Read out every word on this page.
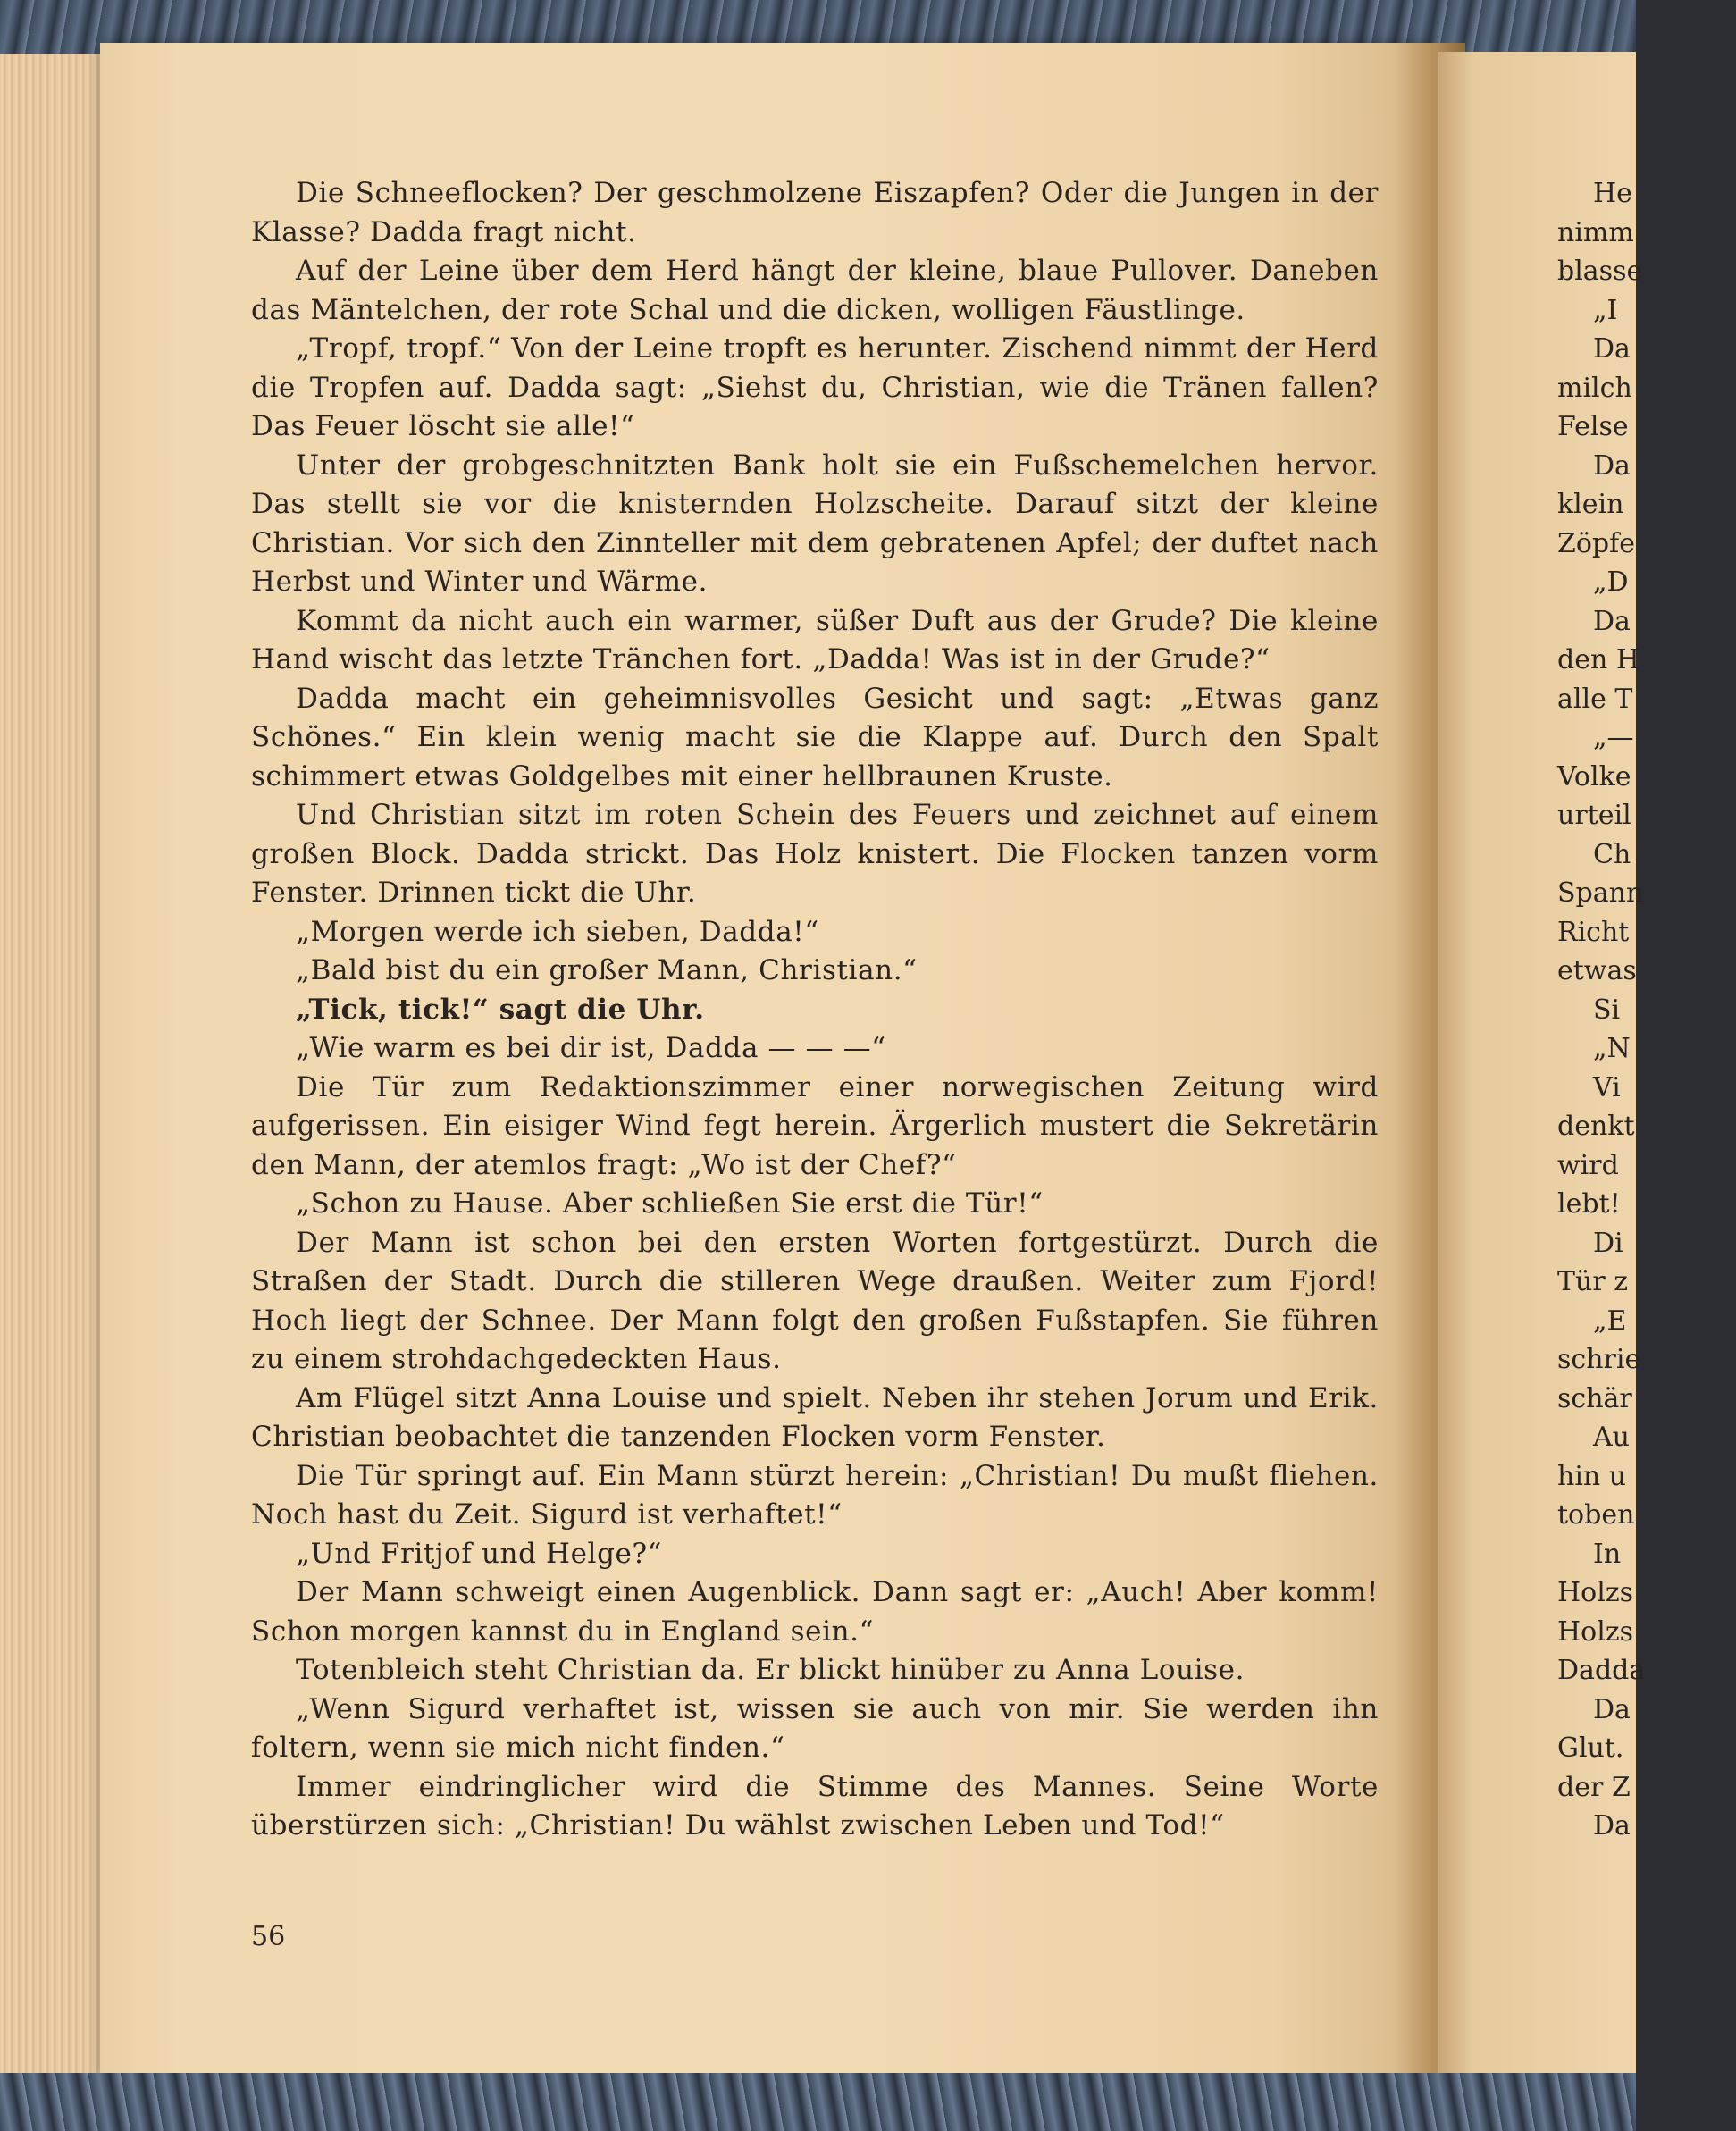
He
nimm
blasse
„I
Da
milch
Felse
Da
klein
Zöpfe
„D
Da
den H
alle T
„—
Volke
urteil
Ch
Spann
Richt
etwas
Si
„N
Vi
denkt
wird
lebt!
Di
Tür z
„E
schrie
schär
Au
hin u
toben
In
Holzs
Holzs
Dadda
Da
Glut.
der Z
Da

Die Schneeflocken? Der geschmolzene Eiszapfen? Oder die Jungen in der Klasse? Dadda fragt nicht.

Auf der Leine über dem Herd hängt der kleine, blaue Pullover. Daneben das Mäntelchen, der rote Schal und die dicken, wolligen Fäustlinge.

„Tropf, tropf.“ Von der Leine tropft es herunter. Zischend nimmt der Herd die Tropfen auf. Dadda sagt: „Siehst du, Christian, wie die Tränen fallen? Das Feuer löscht sie alle!“

Unter der grobgeschnitzten Bank holt sie ein Fußschemelchen hervor. Das stellt sie vor die knisternden Holzscheite. Darauf sitzt der kleine Christian. Vor sich den Zinnteller mit dem gebratenen Apfel; der duftet nach Herbst und Winter und Wärme.

Kommt da nicht auch ein warmer, süßer Duft aus der Grude? Die kleine Hand wischt das letzte Tränchen fort. „Dadda! Was ist in der Grude?“

Dadda macht ein geheimnisvolles Gesicht und sagt: „Etwas ganz Schönes.“ Ein klein wenig macht sie die Klappe auf. Durch den Spalt schimmert etwas Goldgelbes mit einer hellbraunen Kruste.

Und Christian sitzt im roten Schein des Feuers und zeichnet auf einem großen Block. Dadda strickt. Das Holz knistert. Die Flocken tanzen vorm Fenster. Drinnen tickt die Uhr.

„Morgen werde ich sieben, Dadda!“

„Bald bist du ein großer Mann, Christian.“

„Tick, tick!“ sagt die Uhr.

„Wie warm es bei dir ist, Dadda — — —“

Die Tür zum Redaktionszimmer einer norwegischen Zeitung wird aufgerissen. Ein eisiger Wind fegt herein. Ärgerlich mustert die Sekretärin den Mann, der atemlos fragt: „Wo ist der Chef?“

„Schon zu Hause. Aber schließen Sie erst die Tür!“

Der Mann ist schon bei den ersten Worten fortgestürzt. Durch die Straßen der Stadt. Durch die stilleren Wege draußen. Weiter zum Fjord! Hoch liegt der Schnee. Der Mann folgt den großen Fußstapfen. Sie führen zu einem strohdachgedeckten Haus.

Am Flügel sitzt Anna Louise und spielt. Neben ihr stehen Jorum und Erik. Christian beobachtet die tanzenden Flocken vorm Fenster.

Die Tür springt auf. Ein Mann stürzt herein: „Christian! Du mußt fliehen. Noch hast du Zeit. Sigurd ist verhaftet!“

„Und Fritjof und Helge?“

Der Mann schweigt einen Augenblick. Dann sagt er: „Auch! Aber komm! Schon morgen kannst du in England sein.“

Totenbleich steht Christian da. Er blickt hinüber zu Anna Louise.

„Wenn Sigurd verhaftet ist, wissen sie auch von mir. Sie werden ihn foltern, wenn sie mich nicht finden.“

Immer eindringlicher wird die Stimme des Mannes. Seine Worte überstürzen sich: „Christian! Du wählst zwischen Leben und Tod!“

56
